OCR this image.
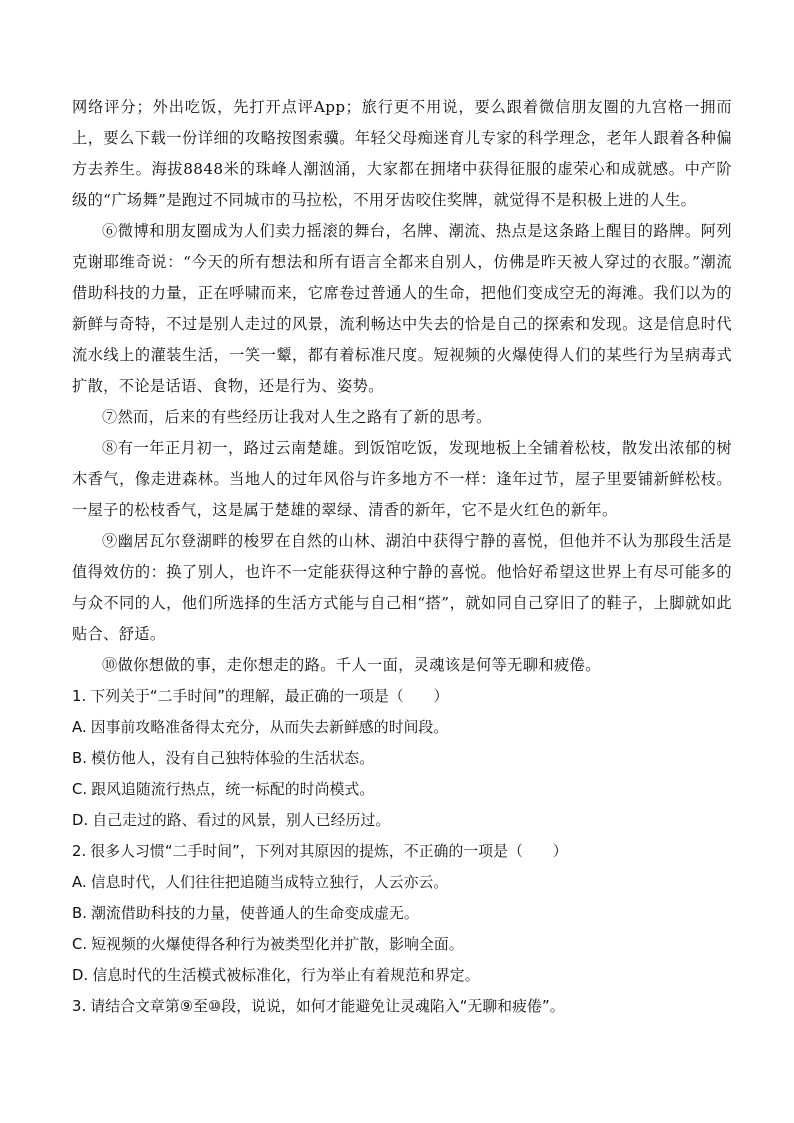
网络评分；外出吃饭，先打开点评App；旅行更不用说，要么跟着微信朋友圈的九宫格一拥而上，要么下载一份详细的攻略按图索骥。年轻父母痴迷育儿专家的科学理念，老年人跟着各种偏方去养生。海拔8848米的珠峰人潮汹涌，大家都在拥堵中获得征服的虚荣心和成就感。中产阶级的“广场舞”是跑过不同城市的马拉松，不用牙齿咬住奖牌，就觉得不是积极上进的人生。

⑥微博和朋友圈成为人们卖力摇滚的舞台，名牌、潮流、热点是这条路上醒目的路牌。阿列克谢耶维奇说：“今天的所有想法和所有语言全都来自别人，仿佛是昨天被人穿过的衣服。”潮流借助科技的力量，正在呼啸而来，它席卷过普通人的生命，把他们变成空无的海滩。我们以为的新鲜与奇特，不过是别人走过的风景，流利畅达中失去的恰是自己的探索和发现。这是信息时代流水线上的灌装生活，一笑一颦，都有着标准尺度。短视频的火爆使得人们的某些行为呈病毒式扩散，不论是话语、食物，还是行为、姿势。

⑦然而，后来的有些经历让我对人生之路有了新的思考。

⑧有一年正月初一，路过云南楚雄。到饭馆吃饭，发现地板上全铺着松枝，散发出浓郁的树木香气，像走进森林。当地人的过年风俗与许多地方不一样：逢年过节，屋子里要铺新鲜松枝。一屋子的松枝香气，这是属于楚雄的翠绿、清香的新年，它不是火红色的新年。

⑨幽居瓦尔登湖畔的梭罗在自然的山林、湖泊中获得宁静的喜悦，但他并不认为那段生活是值得效仿的：换了别人，也许不一定能获得这种宁静的喜悦。他恰好希望这世界上有尽可能多的与众不同的人，他们所选择的生活方式能与自己相“搭”，就如同自己穿旧了的鞋子，上脚就如此贴合、舒适。

⑩做你想做的事，走你想走的路。千人一面，灵魂该是何等无聊和疲倦。

1. 下列关于“二手时间”的理解，最正确的一项是（　　）

A. 因事前攻略准备得太充分，从而失去新鲜感的时间段。

B. 模仿他人，没有自己独特体验的生活状态。

C. 跟风追随流行热点，统一标配的时尚模式。

D. 自己走过的路、看过的风景，别人已经历过。

2. 很多人习惯“二手时间”，下列对其原因的提炼，不正确的一项是（　　）

A. 信息时代，人们往往把追随当成特立独行，人云亦云。

B. 潮流借助科技的力量，使普通人的生命变成虚无。

C. 短视频的火爆使得各种行为被类型化并扩散，影响全面。

D. 信息时代的生活模式被标准化，行为举止有着规范和界定。

3. 请结合文章第⑨至⑩段，说说，如何才能避免让灵魂陷入“无聊和疲倦”。
